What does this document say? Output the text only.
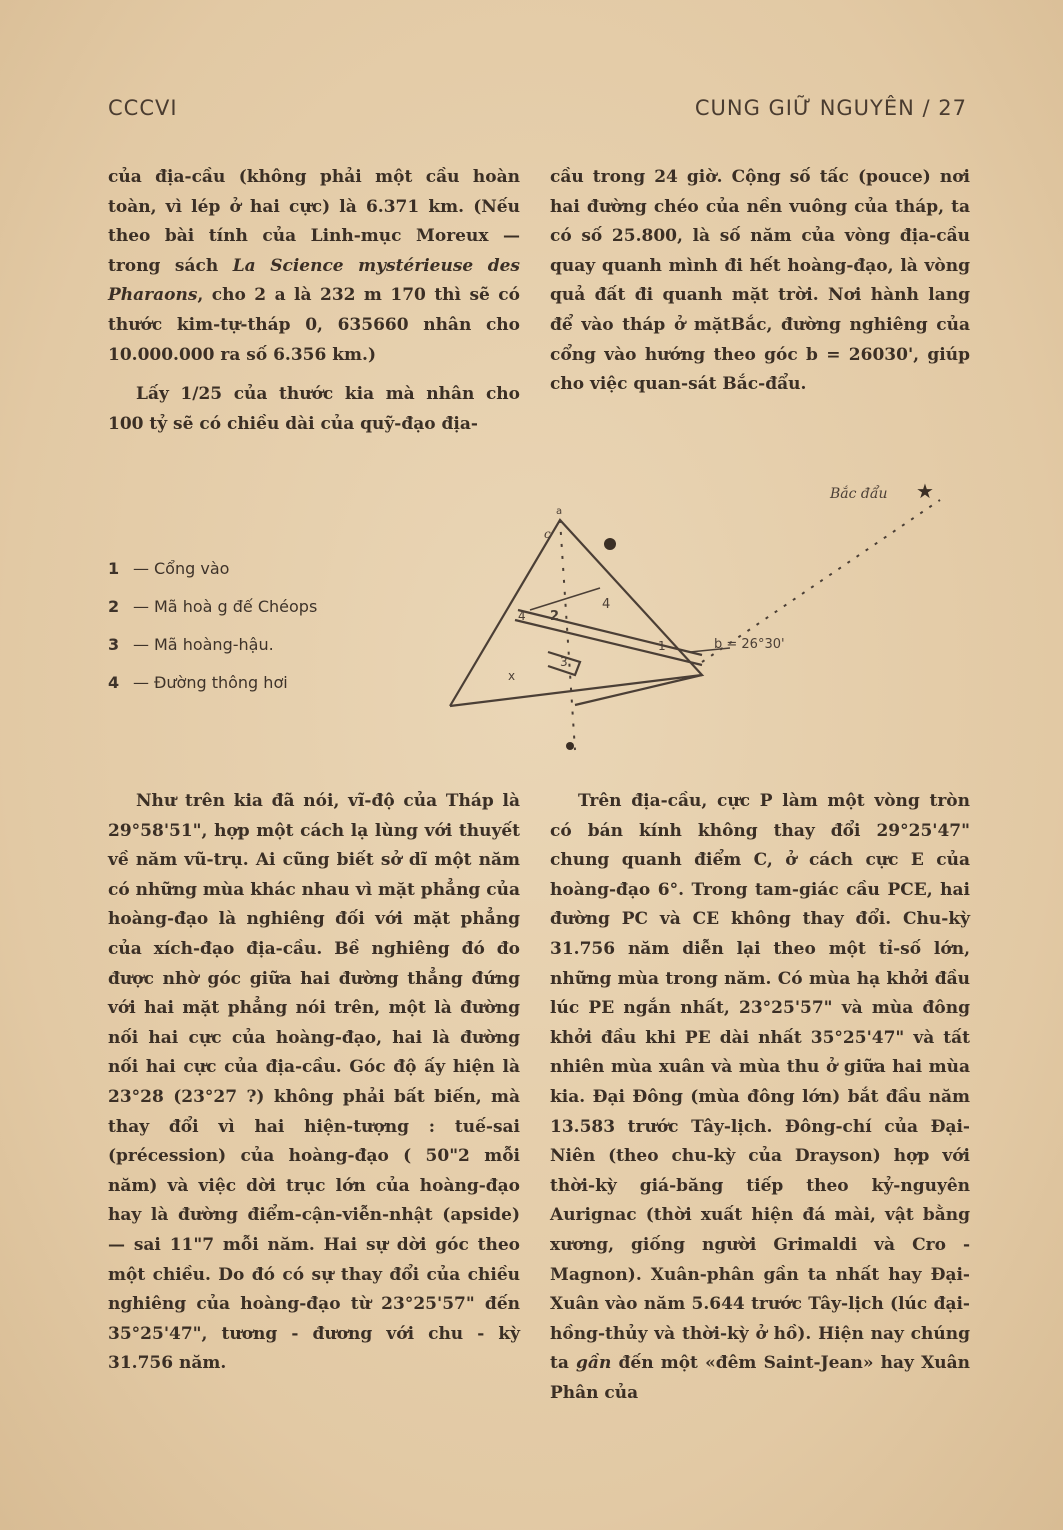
CCCVI	CUNG GIỮ NGUYÊN / 27

của địa-cầu (không phải một cầu hoàn toàn, vì lép ở hai cực) là 6.371 km. (Nếu theo bài tính của Linh-mục Moreux — trong sách La Science mystérieuse des Pharaons, cho 2 a là 232 m 170 thì sẽ có thước kim-tự-tháp 0, 635660 nhân cho 10.000.000 ra số 6.356 km.)

Lấy 1/25 của thước kia mà nhân cho 100 tỷ sẽ có chiều dài của quỹ-đạo địa-

cầu trong 24 giờ. Cộng số tấc (pouce) nơi hai đường chéo của nền vuông của tháp, ta có số 25.800, là số năm của vòng địa-cầu quay quanh mình đi hết hoàng-đạo, là vòng quả đất đi quanh mặt trời. Nơi hành lang để vào tháp ở mặtBắc, đường nghiêng của cổng vào hướng theo góc b = 26030', giúp cho việc quan-sát Bắc-đẩu.

1 — Cổng vào
2 — Mã hoà g đế Chéops
3 — Mã hoàng-hậu.
4 — Đường thông hơi
Bắc đẩu ★
b = 26°30'
c
4 2
4
1
3
x
a

Như trên kia đã nói, vĩ-độ của Tháp là 29°58'51", hợp một cách lạ lùng với thuyết về năm vũ-trụ. Ai cũng biết sở dĩ một năm có những mùa khác nhau vì mặt phẳng của hoàng-đạo là nghiêng đối với mặt phẳng của xích-đạo địa-cầu. Bề nghiêng đó đo được nhờ góc giữa hai đường thẳng đứng với hai mặt phẳng nói trên, một là đường nối hai cực của hoàng-đạo, hai là đường nối hai cực của địa-cầu. Góc độ ấy hiện là 23°28 (23°27 ?) không phải bất biến, mà thay đổi vì hai hiện-tượng : tuế-sai (précession) của hoàng-đạo ( 50"2 mỗi năm) và việc dời trục lớn của hoàng-đạo hay là đường điểm-cận-viễn-nhật (apside) — sai 11"7 mỗi năm. Hai sự dời góc theo một chiều. Do đó có sự thay đổi của chiều nghiêng của hoàng-đạo từ 23°25'57" đến 35°25'47", tương - đương với chu - kỳ 31.756 năm.

Trên địa-cầu, cực P làm một vòng tròn có bán kính không thay đổi 29°25'47" chung quanh điểm C, ở cách cực E của hoàng-đạo 6°. Trong tam-giác cầu PCE, hai đường PC và CE không thay đổi. Chu-kỳ 31.756 năm diễn lại theo một tỉ-số lớn, những mùa trong năm. Có mùa hạ khởi đầu lúc PE ngắn nhất, 23°25'57" và mùa đông khởi đầu khi PE dài nhất 35°25'47" và tất nhiên mùa xuân và mùa thu ở giữa hai mùa kia. Đại Đông (mùa đông lớn) bắt đầu năm 13.583 trước Tây-lịch. Đông-chí của Đại-Niên (theo chu-kỳ của Drayson) hợp với thời-kỳ giá-băng tiếp theo kỷ-nguyên Aurignac (thời xuất hiện đá mài, vật bằng xương, giống người Grimaldi và Cro - Magnon). Xuân-phân gần ta nhất hay Đại-Xuân vào năm 5.644 trước Tây-lịch (lúc đại-hồng-thủy và thời-kỳ ở hồ). Hiện nay chúng ta gần đến một «đêm Saint-Jean» hay Xuân Phân của
